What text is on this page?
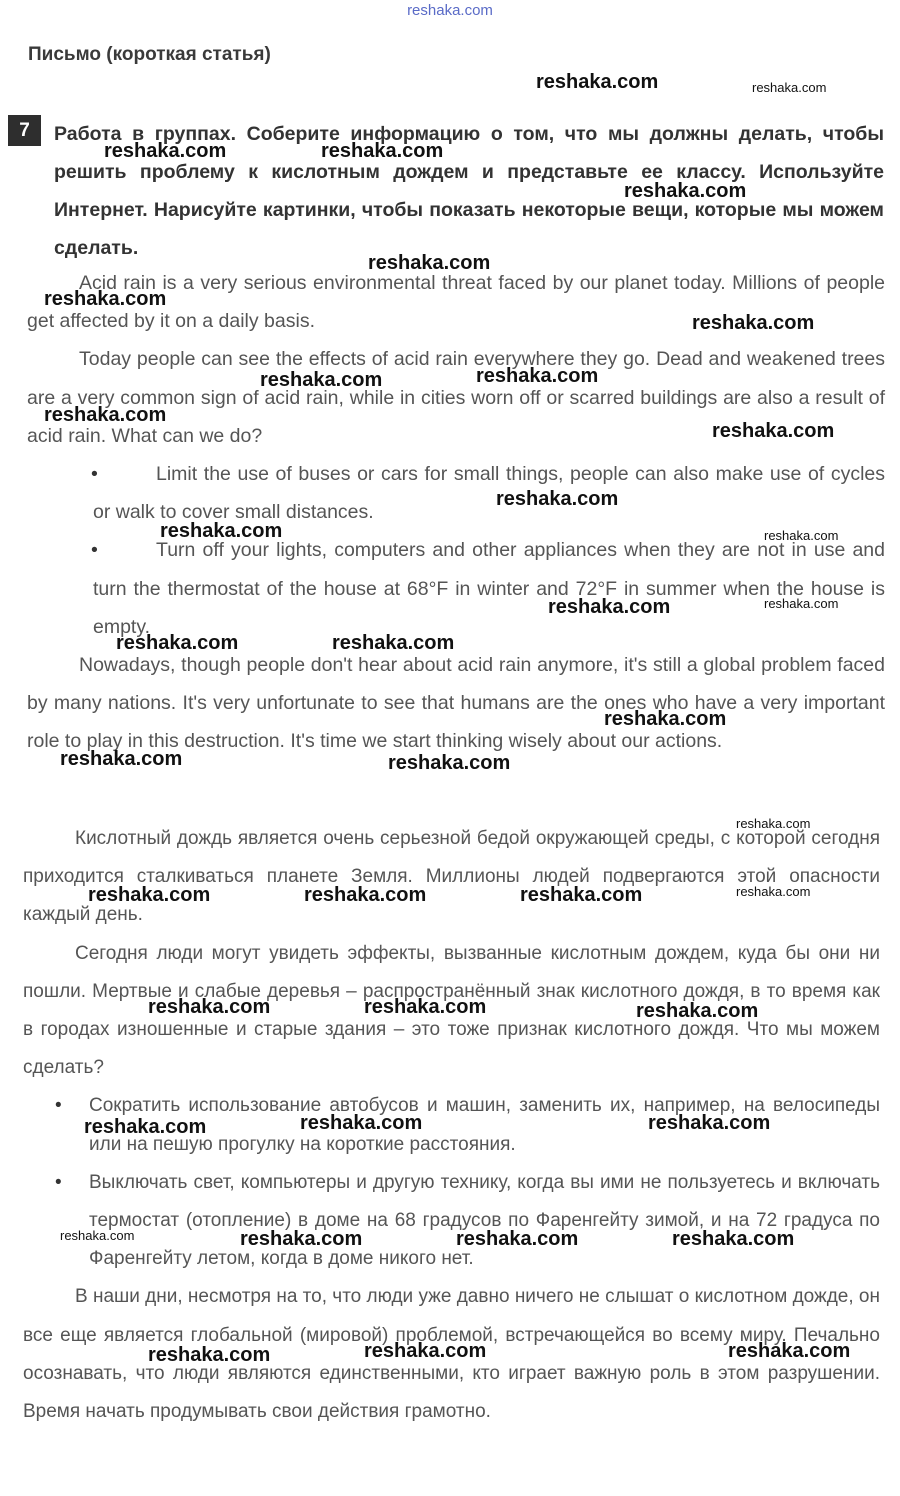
reshaka.com
Письмо (короткая статья)
7	Работа в группах. Соберите информацию о том, что мы должны делать, чтобы решить проблему к кислотным дождем и представьте ее классу. Используйте Интернет. Нарисуйте картинки, чтобы показать некоторые вещи, которые мы можем сделать.

Acid rain is a very serious environmental threat faced by our planet today. Millions of people get affected by it on a daily basis.

Today people can see the effects of acid rain everywhere they go. Dead and weakened trees are a very common sign of acid rain, while in cities worn off or scarred buildings are also a result of acid rain. What can we do?

• Limit the use of buses or cars for small things, people can also make use of cycles or walk to cover small distances.
• Turn off your lights, computers and other appliances when they are not in use and turn the thermostat of the house at 68°F in winter and 72°F in summer when the house is empty.

Nowadays, though people don't hear about acid rain anymore, it's still a global problem faced by many nations. It's very unfortunate to see that humans are the ones who have a very important role to play in this destruction. It's time we start thinking wisely about our actions.

Кислотный дождь является очень серьезной бедой окружающей среды, с которой сегодня приходится сталкиваться планете Земля. Миллионы людей подвергаются этой опасности каждый день.

Сегодня люди могут увидеть эффекты, вызванные кислотным дождем, куда бы они ни пошли. Мертвые и слабые деревья – распространённый знак кислотного дождя, в то время как в городах изношенные и старые здания – это тоже признак кислотного дождя. Что мы можем сделать?

• Сократить использование автобусов и машин, заменить их, например, на велосипеды или на пешую прогулку на короткие расстояния.
• Выключать свет, компьютеры и другую технику, когда вы ими не пользуетесь и включать термостат (отопление) в доме на 68 градусов по Фаренгейту зимой, и на 72 градуса по Фаренгейту летом, когда в доме никого нет.

В наши дни, несмотря на то, что люди уже давно ничего не слышат о кислотном дожде, он все еще является глобальной (мировой) проблемой, встречающейся во всему миру. Печально осознавать, что люди являются единственными, кто играет важную роль в этом разрушении. Время начать продумывать свои действия грамотно.

reshaka.com	reshaka.com
reshaka.com	reshaka.com
reshaka.com
reshaka.com
reshaka.com
reshaka.com
reshaka.com	reshaka.com
reshaka.com
reshaka.com
reshaka.com
reshaka.com	reshaka.com
reshaka.com	reshaka.com
reshaka.com	reshaka.com
reshaka.com
reshaka.com	reshaka.com
reshaka.com
reshaka.com	reshaka.com	reshaka.com	reshaka.com
reshaka.com	reshaka.com	reshaka.com
reshaka.com	reshaka.com	reshaka.com
reshaka.com	reshaka.com	reshaka.com	reshaka.com
reshaka.com	reshaka.com	reshaka.com
